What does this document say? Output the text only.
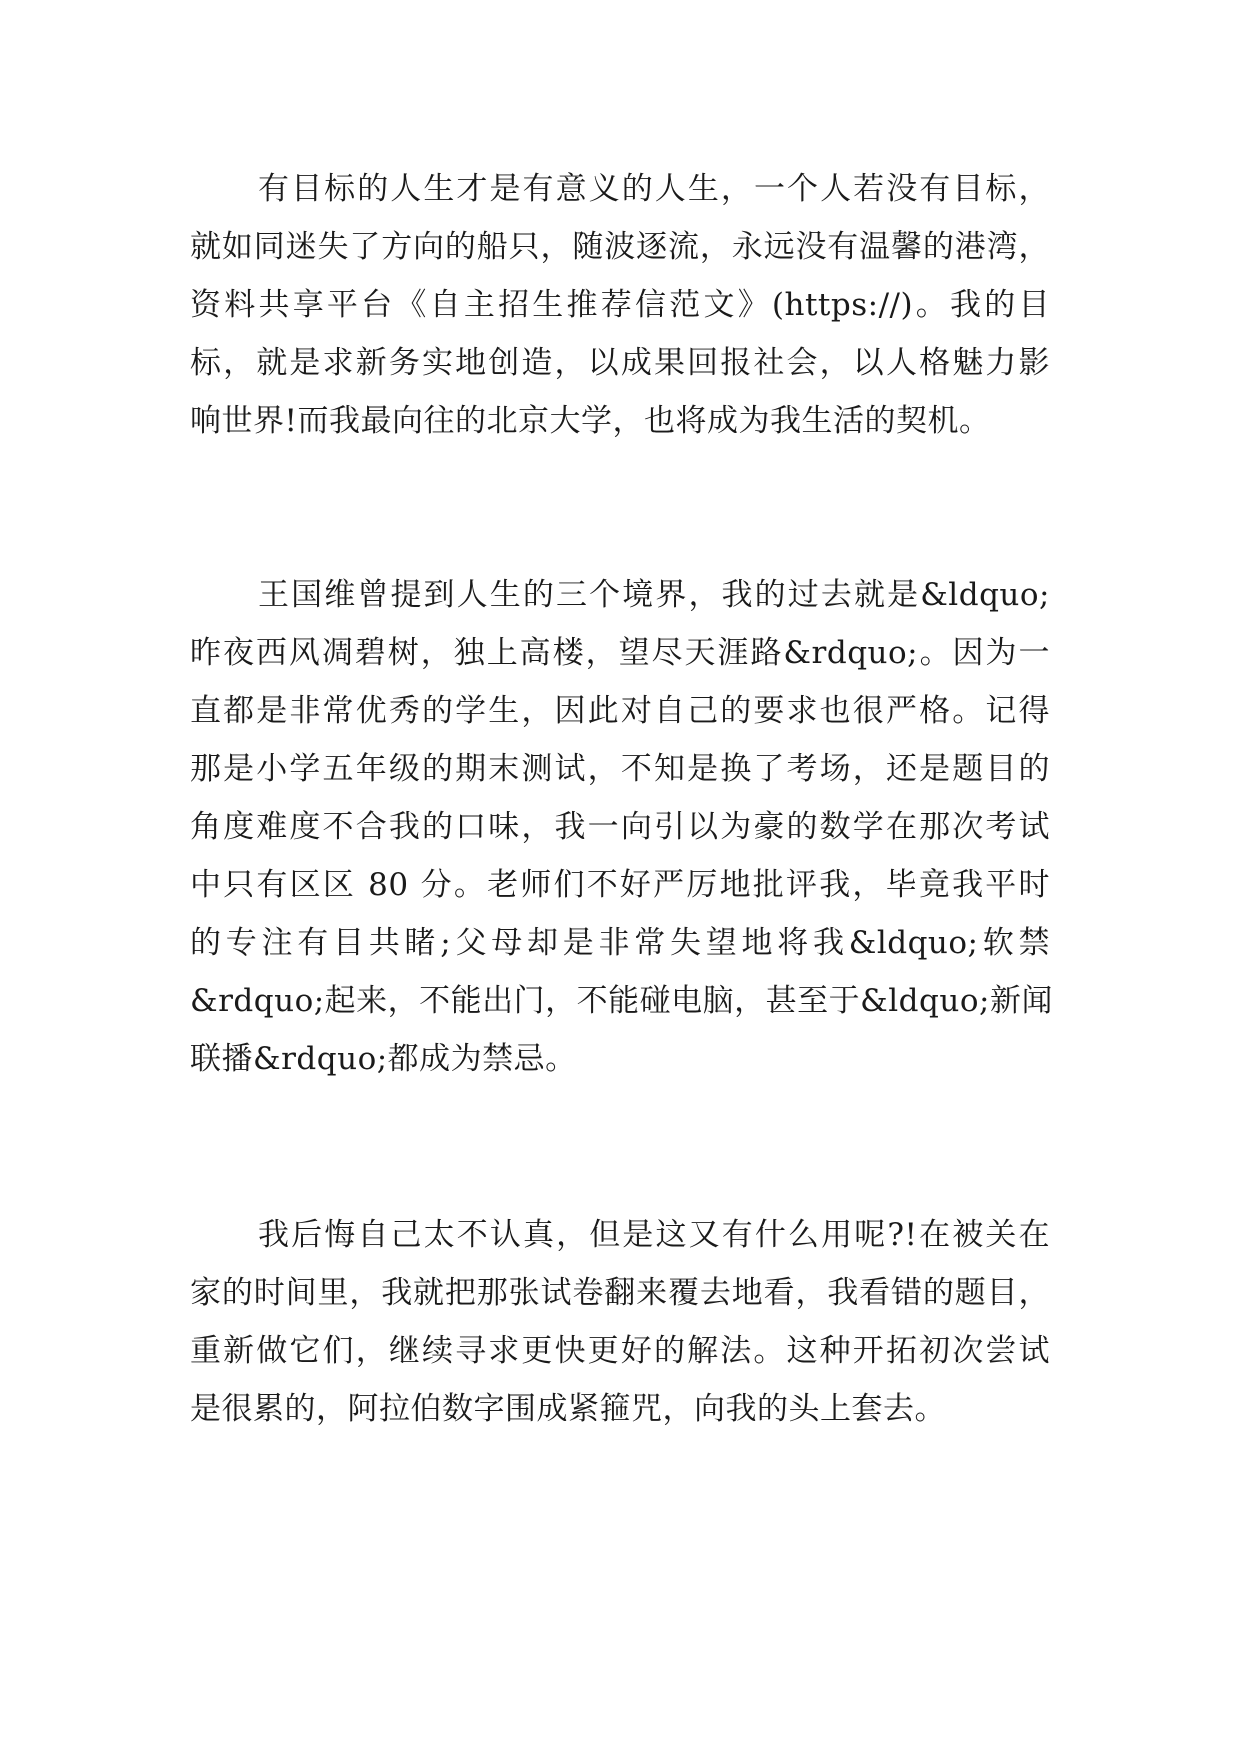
有目标的人生才是有意义的人生，一个人若没有目标，
就如同迷失了方向的船只，随波逐流，永远没有温馨的港湾，
资料共享平台《自主招生推荐信范文》(https://)。我的目
标，就是求新务实地创造，以成果回报社会，以人格魅力影
响世界!而我最向往的北京大学，也将成为我生活的契机。
王国维曾提到人生的三个境界，我的过去就是&ldquo;
昨夜西风凋碧树，独上高楼，望尽天涯路&rdquo;。因为一
直都是非常优秀的学生，因此对自己的要求也很严格。记得
那是小学五年级的期末测试，不知是换了考场，还是题目的
角度难度不合我的口味，我一向引以为豪的数学在那次考试
中只有区区 80 分。老师们不好严厉地批评我，毕竟我平时
的专注有目共睹;父母却是非常失望地将我&ldquo;软禁
&rdquo;起来，不能出门，不能碰电脑，甚至于&ldquo;新闻
联播&rdquo;都成为禁忌。
我后悔自己太不认真，但是这又有什么用呢?!在被关在
家的时间里，我就把那张试卷翻来覆去地看，我看错的题目，
重新做它们，继续寻求更快更好的解法。这种开拓初次尝试
是很累的，阿拉伯数字围成紧箍咒，向我的头上套去。
